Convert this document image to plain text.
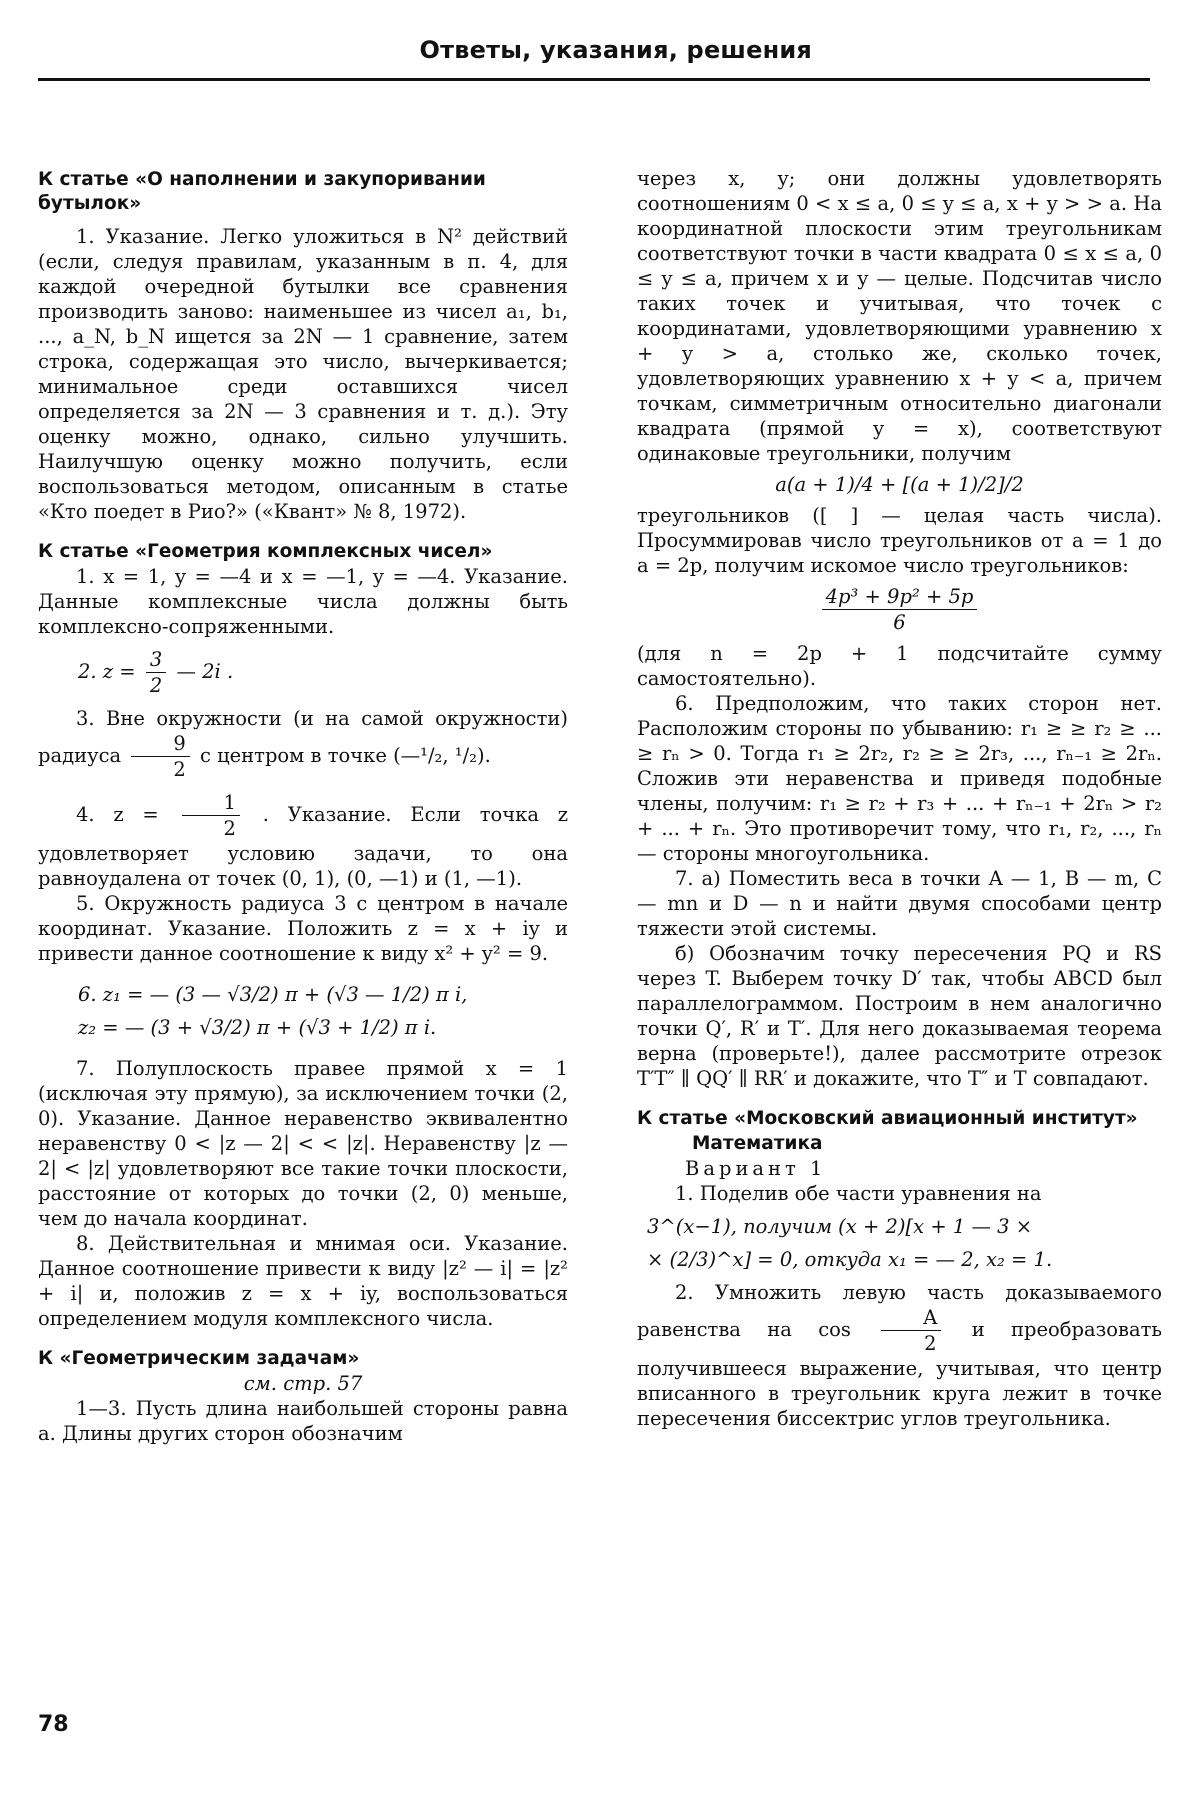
Ответы, указания, решения
К статье «О наполнении и закупоривании бутылок»

1. Указание. Легко уложиться в N² действий (если, следуя правилам, указанным в п. 4, для каждой очередной бутылки все сравнения производить заново: наименьшее из чисел a₁, b₁, ..., a_N, b_N ищется за 2N — 1 сравнение, затем строка, содержащая это число, вычеркивается; минимальное среди оставшихся чисел определяется за 2N — 3 сравнения и т. д.). Эту оценку можно, однако, сильно улучшить. Наилучшую оценку можно получить, если воспользоваться методом, описанным в статье «Кто поедет в Рио?» («Квант» № 8, 1972).

К статье «Геометрия комплексных чисел»

1. x = 1, y = —4 и x = —1, y = —4. Указание. Данные комплексные числа должны быть комплексно-сопряженными.

2. $z = \frac{3}{2}$ — 2i .

3. Вне окружности (и на самой окружности) радиуса $\frac{9}{2}$ с центром в точке (—¹/₂, ¹/₂).

4. $z = \frac{1}{2}$ . Указание. Если точка z удовлетворяет условию задачи, то она равноудалена от точек (0, 1), (0, —1) и (1, —1).

5. Окружность радиуса 3 с центром в начале координат. Указание. Положить z = x + iy и привести данное соотношение к виду x² + y² = 9.

6. z₁ = — (3 — √3/2) π + (√3 — 1/2) π i,
z₂ = — (3 + √3/2) π + (√3 + 1/2) π i.

7. Полуплоскость правее прямой x = 1 (исключая эту прямую), за исключением точки (2, 0). Указание. Данное неравенство эквивалентно неравенству 0 < |z — 2| < < |z|. Неравенству |z — 2| < |z| удовлетворяют все такие точки плоскости, расстояние от которых до точки (2, 0) меньше, чем до начала координат.

8. Действительная и мнимая оси. Указание. Данное соотношение привести к виду |z² — i| = |z² + i| и, положив z = x + iy, воспользоваться определением модуля комплексного числа.

К «Геометрическим задачам»
см. стр. 57

1—3. Пусть длина наибольшей стороны равна a. Длины других сторон обозначим

через x, y; они должны удовлетворять соотношениям 0 < x ≤ a, 0 ≤ y ≤ a, x + y > > a. На координатной плоскости этим треугольникам соответствуют точки в части квадрата 0 ≤ x ≤ a, 0 ≤ y ≤ a, причем x и y — целые. Подсчитав число таких точек и учитывая, что точек с координатами, удовлетворяющими уравнению x + y > a, столько же, сколько точек, удовлетворяющих уравнению x + y < a, причем точкам, симметричным относительно диагонали квадрата (прямой y = x), соответствуют одинаковые треугольники, получим

a(a + 1)/4 + [(a + 1)/2]/2

треугольников ([ ] — целая часть числа). Просуммировав число треугольников от a = 1 до a = 2p, получим искомое число треугольников:

$\frac{\text{4p³ + 9p² + 5p}}{6}$

(для n = 2p + 1 подсчитайте сумму самостоятельно).

6. Предположим, что таких сторон нет. Расположим стороны по убыванию: r₁ ≥ ≥ r₂ ≥ ... ≥ rₙ > 0. Тогда r₁ ≥ 2r₂, r₂ ≥ ≥ 2r₃, ..., rₙ₋₁ ≥ 2rₙ. Сложив эти неравенства и приведя подобные члены, получим: r₁ ≥ r₂ + r₃ + ... + rₙ₋₁ + 2rₙ > r₂ + ... + rₙ. Это противоречит тому, что r₁, r₂, ..., rₙ — стороны многоугольника.

7. а) Поместить веса в точки A — 1, B — m, C — mn и D — n и найти двумя способами центр тяжести этой системы.

б) Обозначим точку пересечения PQ и RS через T. Выберем точку D′ так, чтобы ABCD был параллелограммом. Построим в нем аналогично точки Q′, R′ и T′. Для него доказываемая теорема верна (проверьте!), далее рассмотрите отрезок T′T″ ∥ QQ′ ∥ RR′ и докажите, что T″ и T совпадают.

К статье «Московский авиационный институт»
Математика
Вариант 1

1. Поделив обе части уравнения на

3^(x−1), получим (x + 2)[x + 1 — 3 ×
× (2/3)^x] = 0, откуда x₁ = — 2, x₂ = 1.

2. Умножить левую часть доказываемого равенства на $\cos \frac{A}{2}$ и преобразовать получившееся выражение, учитывая, что центр вписанного в треугольник круга лежит в точке пересечения биссектрис углов треугольника.

78
